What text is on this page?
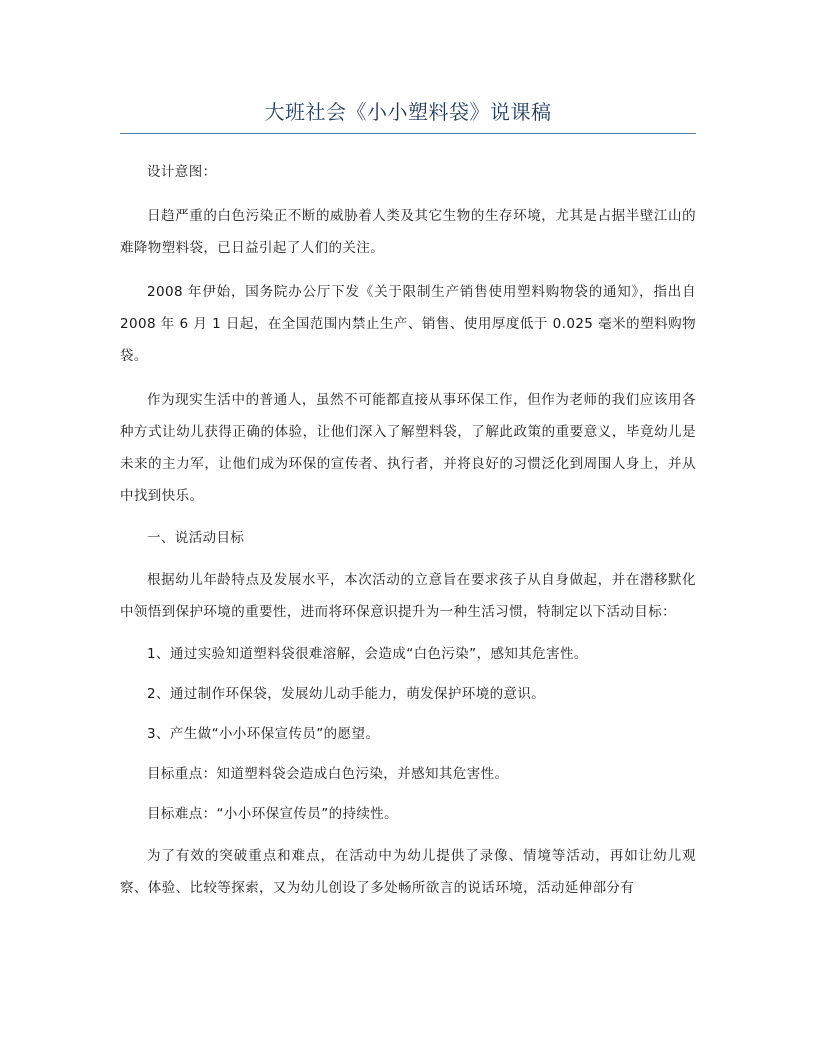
大班社会《小小塑料袋》说课稿

设计意图：

日趋严重的白色污染正不断的威胁着人类及其它生物的生存环境，尤其是占据半壁江山的难降物塑料袋，已日益引起了人们的关注。

2008 年伊始，国务院办公厅下发《关于限制生产销售使用塑料购物袋的通知》，指出自 2008 年 6 月 1 日起，在全国范围内禁止生产、销售、使用厚度低于 0.025 毫米的塑料购物袋。

作为现实生活中的普通人，虽然不可能都直接从事环保工作，但作为老师的我们应该用各种方式让幼儿获得正确的体验，让他们深入了解塑料袋，了解此政策的重要意义，毕竟幼儿是未来的主力军，让他们成为环保的宣传者、执行者，并将良好的习惯泛化到周围人身上，并从中找到快乐。

一、说活动目标

根据幼儿年龄特点及发展水平，本次活动的立意旨在要求孩子从自身做起，并在潜移默化中领悟到保护环境的重要性，进而将环保意识提升为一种生活习惯，特制定以下活动目标：

1、通过实验知道塑料袋很难溶解，会造成“白色污染”，感知其危害性。

2、通过制作环保袋，发展幼儿动手能力，萌发保护环境的意识。

3、产生做“小小环保宣传员”的愿望。

目标重点：知道塑料袋会造成白色污染，并感知其危害性。

目标难点：“小小环保宣传员”的持续性。

为了有效的突破重点和难点，在活动中为幼儿提供了录像、情境等活动，再如让幼儿观察、体验、比较等探索，又为幼儿创设了多处畅所欲言的说话环境，活动延伸部分有
